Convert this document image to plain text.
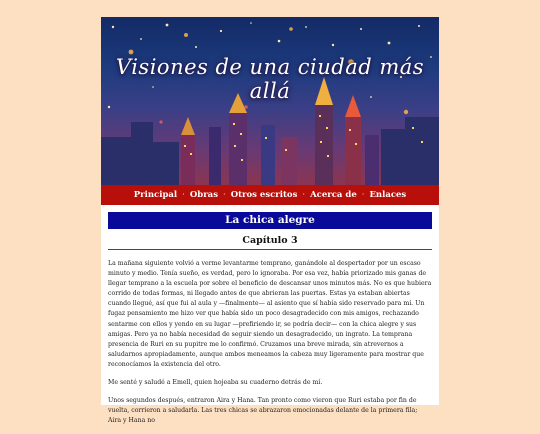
Visiones de una ciudad más allá
Principal · Obras · Otros escritos · Acerca de · Enlaces
La chica alegre
Capítulo 3

La mañana siguiente volvió a verme levantarme temprano, ganándole al despertador por un escaso minuto y medio. Tenía sueño, es verdad, pero lo ignoraba. Por esa vez, había priorizado mis ganas de llegar temprano a la escuela por sobre el beneficio de descansar unos minutos más. No es que hubiera corrido de todas formas, ni llegado antes de que abrieran las puertas. Estas ya estaban abiertas cuando llegué, así que fui al aula y —finalmente— al asiento que sí había sido reservado para mí. Un fugaz pensamiento me hizo ver que había sido un poco desagradecido con mis amigos, rechazando sentarme con ellos y yendo en su lugar —prefiriendo ir, se podría decir— con la chica alegre y sus amigas. Pero ya no había necesidad de seguir siendo un desagradecido, un ingrato. La temprana presencia de Ruri en su pupitre me lo confirmó. Cruzamos una breve mirada, sin atrevernos a saludarnos apropiadamente, aunque ambos meneamos la cabeza muy ligeramente para mostrar que reconocíamos la existencia del otro.

Me senté y saludé a Emell, quien hojeaba su cuaderno detrás de mí.

Unos segundos después, entraron Aira y Hana. Tan pronto como vieron que Ruri estaba por fin de vuelta, corrieron a saludarla. Las tres chicas se abrazaron emocionadas delante de la primera fila; Aira y Hana no
